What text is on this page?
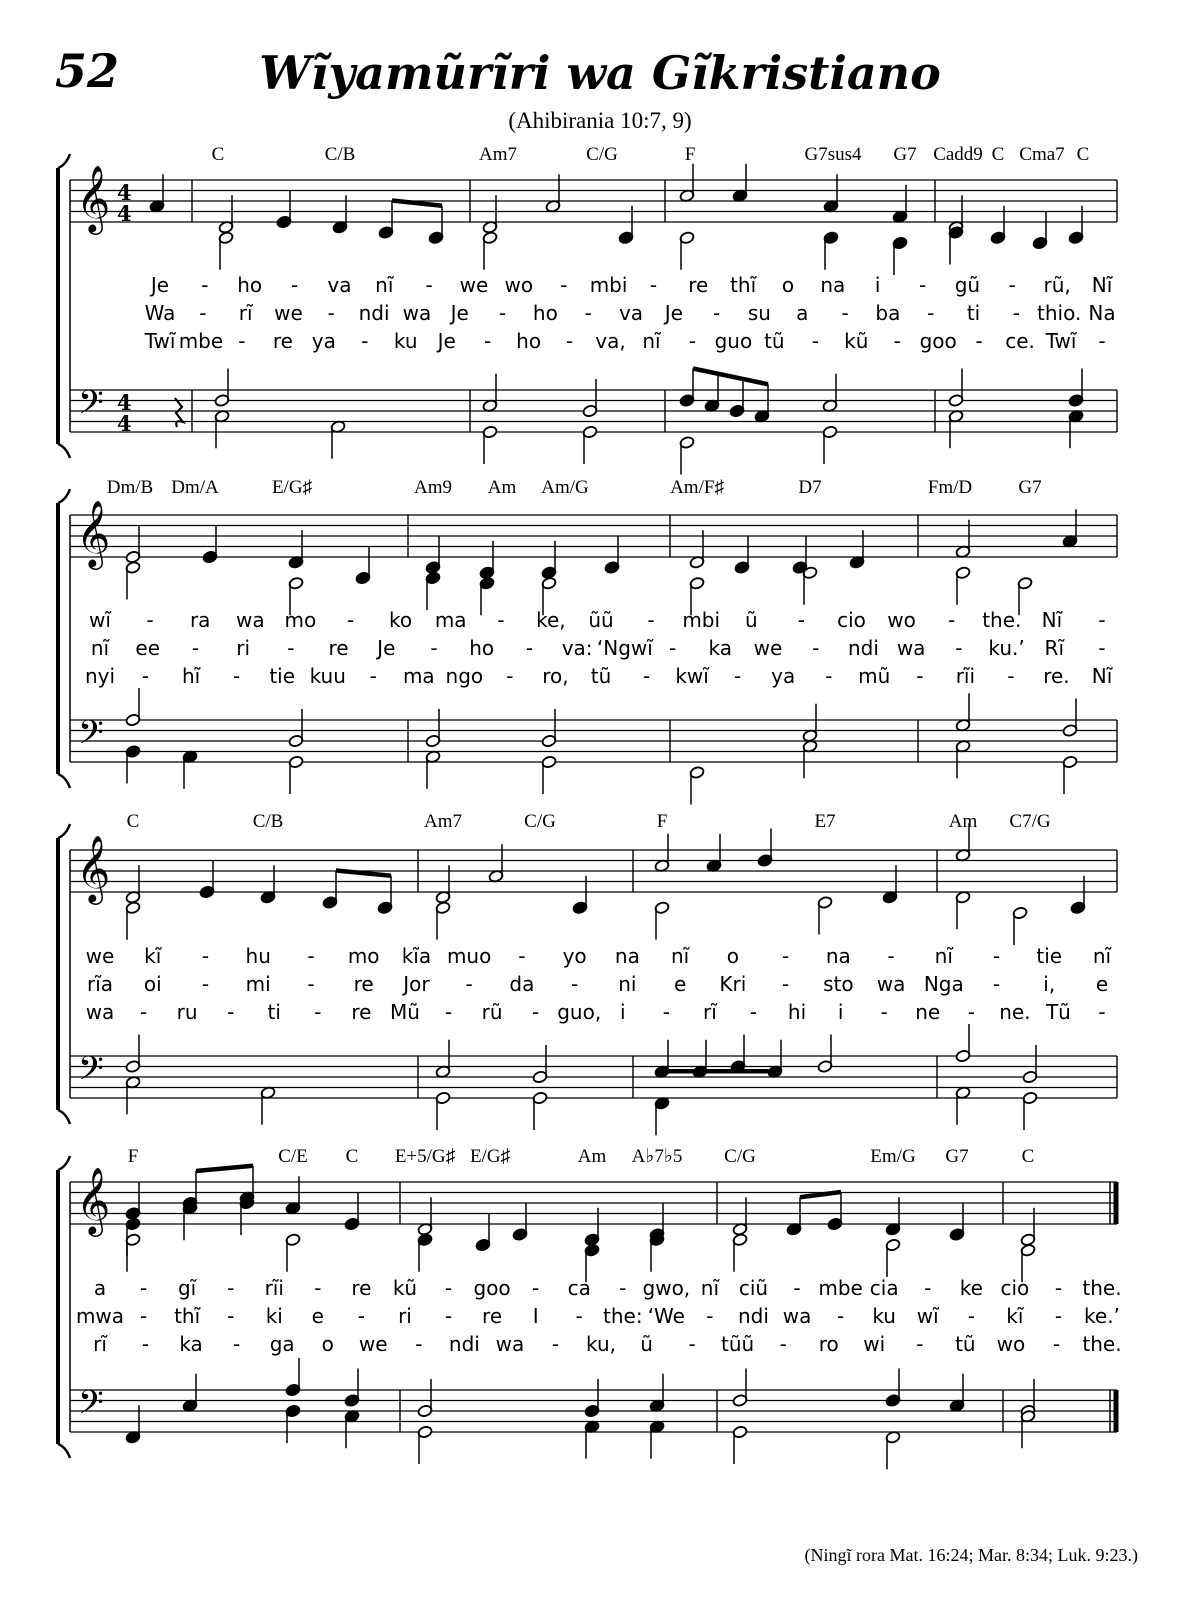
52	Wĩyamũrĩri wa Gĩkristiano
(Ahibirania 10:7, 9)
(Ningĩ rora Mat. 16:24; Mar. 8:34; Luk. 9:23.)
𝄞
𝄢
4
4
4
4
C	C/B	Am7	C/G	F	G7sus4 G7 Cadd9 C Cma7 C
Je - ho - va nĩ - we wo - mbi - re thĩ o na i - gũ - rũ, Nĩ
Wa - rĩ we - ndi wa Je - ho - va Je - su a - ba - ti - thio. Na
Twĩ mbe - re ya - ku Je - ho - va, nĩ - guo tũ - kũ - goo - ce. Twĩ -
𝄞
𝄢
Dm/B Dm/A	E/G♯	Am9 Am Am/G	Am/F♯	D7	Fm/D G7
wĩ - ra wa mo - ko ma - ke, ũũ - mbi ũ - cio wo - the. Nĩ -
nĩ ee - ri - re Je - ho - va: ‘Ngwĩ - ka we - ndi wa - ku.’ Rĩ -
nyi - hĩ - tie kuu - ma ngo - ro, tũ - kwĩ - ya - mũ - rĩi - re. Nĩ
𝄞
𝄢
C	C/B	Am7	C/G	F	E7	Am C7/G
we kĩ - hu - mo kĩa muo - yo na nĩ o - na - nĩ - tie nĩ
rĩa oi - mi - re Jor - da - ni e Kri - sto wa Nga - i, e
wa - ru - ti - re Mũ - rũ - guo, i - rĩ - hi i - ne - ne. Tũ -
𝄞
𝄢
F	C/E C E+5/G♯ E/G♯	Am A♭7♭5 C/G	Em/G G7	C
a - gĩ - rĩi - re kũ - goo - ca - gwo, nĩ ciũ - mbe cia - ke cio - the.
mwa - thĩ - ki e - ri - re I - the: ‘We - ndi wa - ku wĩ - kĩ - ke.’
rĩ - ka - ga o we - ndi wa - ku, ũ - tũũ - ro wi - tũ wo - the.
